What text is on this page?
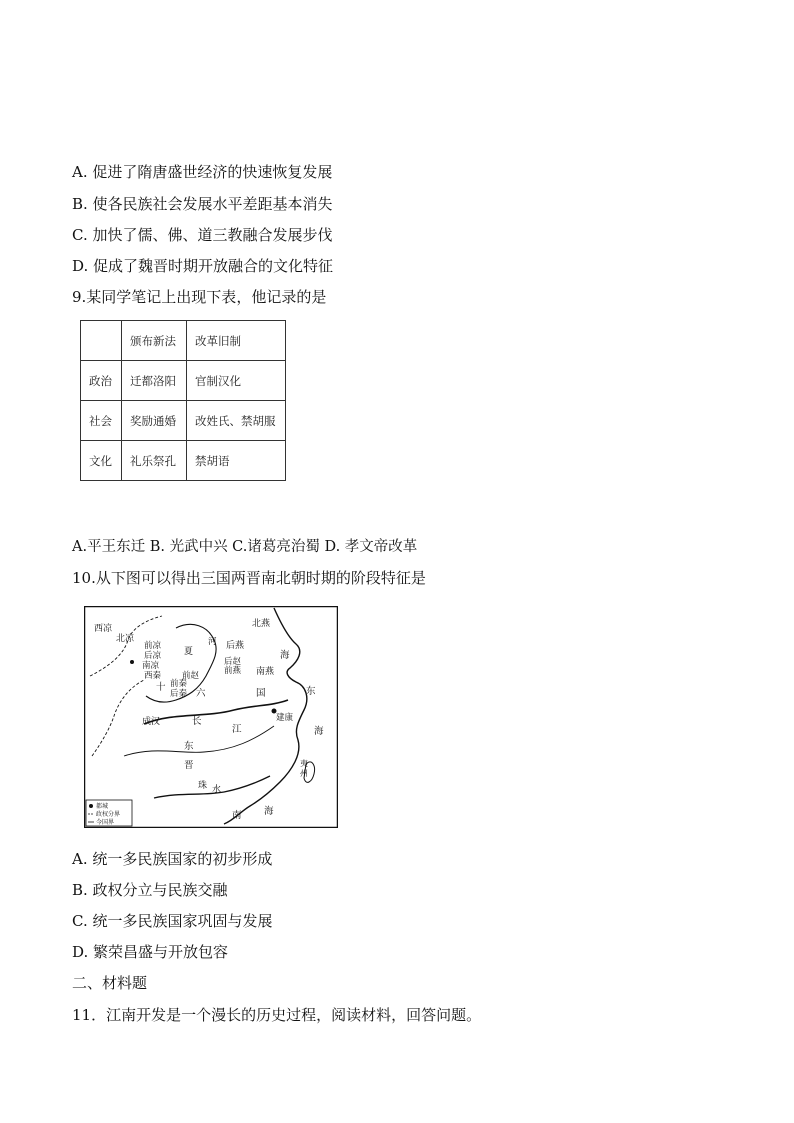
A. 促进了隋唐盛世经济的快速恢复发展
B. 使各民族社会发展水平差距基本消失
C. 加快了儒、佛、道三教融合发展步伐
D. 促成了魏晋时期开放融合的文化特征
9.某同学笔记上出现下表，他记录的是
	颁布新法	改革旧制
政治	迁都洛阳	官制汉化
社会	奖励通婚	改姓氏、禁胡服
文化	礼乐祭孔	禁胡语
A.平王东迁 B. 光武中兴 C.诸葛亮治蜀 D. 孝文帝改革
10.从下图可以得出三国两晋南北朝时期的阶段特征是
西凉
北凉
前凉
后凉
南凉
西秦
夏
河 后燕
北燕
后赵
前燕 南燕
前赵
前秦
后秦
十
六	国
海
东
海
成汉	建康
长
江
东
晋	夷
州
珠 水
南 海
都城
政权分界
今国界
A. 统一多民族国家的初步形成
B. 政权分立与民族交融
C. 统一多民族国家巩固与发展
D. 繁荣昌盛与开放包容
二、材料题
11．江南开发是一个漫长的历史过程，阅读材料，回答问题。
